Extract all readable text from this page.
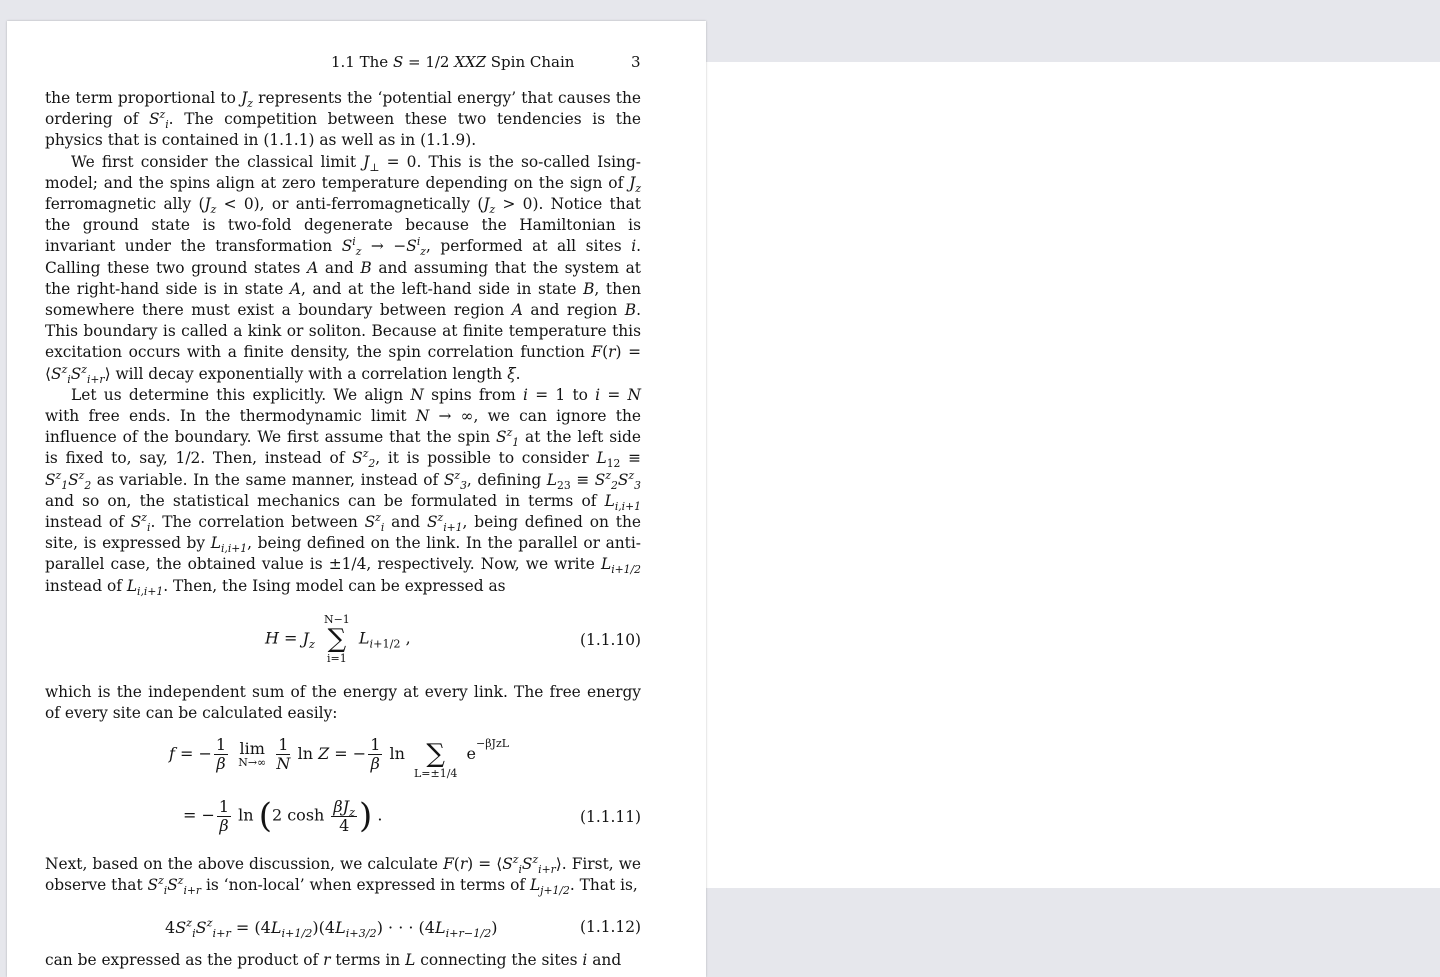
1.1 The S = 1/2 XXZ Spin Chain	3

the term proportional to $J_z$ represents the ‘potential energy’ that causes the ordering of $S^z_i$. The competition between these two tendencies is the physics that is contained in (1.1.1) as well as in (1.1.9).

We first consider the classical limit $J_\perp = 0$. This is the so-called Ising-model; and the spins align at zero temperature depending on the sign of $J_z$ ferromagnetic ally $(J_z < 0)$, or anti-ferromagnetically $(J_z > 0)$. Notice that the ground state is two-fold degenerate because the Hamiltonian is invariant under the transformation $S^i_z \to -S^i_z$, performed at all sites i. Calling these two ground states A and B and assuming that the system at the right-hand side is in state A, and at the left-hand side in state B, then somewhere there must exist a boundary between region A and region B. This boundary is called a kink or soliton. Because at finite temperature this excitation occurs with a finite density, the spin correlation function $F(r) = ⟨S^z_iS^z_{i+r}⟩$ will decay exponentially with a correlation length ξ.

Let us determine this explicitly. We align N spins from i = 1 to i = N with free ends. In the thermodynamic limit N → ∞, we can ignore the influence of the boundary. We first assume that the spin $S^z_1$ at the left side is fixed to, say, 1/2. Then, instead of $S^z_2$, it is possible to consider $L_{12} \equiv S^z_1S^z_2$ as variable. In the same manner, instead of $S^z_3$, defining $L_{23} \equiv S^z_2S^z_3$ and so on, the statistical mechanics can be formulated in terms of $L_{i,i+1}$ instead of $S^z_i$. The correlation between $S^z_i$ and $S^z_{i+1}$, being defined on the site, is expressed by $L_{i,i+1}$, being defined on the link. In the parallel or anti-parallel case, the obtained value is ±1/4, respectively. Now, we write $L_{i+1/2}$ instead of $L_{i,i+1}$. Then, the Ising model can be expressed as

$H = J_z$
N−1
∑
i=1
$L_{i+1/2}$ ,	(1.1.10)

which is the independent sum of the energy at every link. The free energy of every site can be calculated easily:

f = − $\frac{1}{\beta}$
lim
N→∞
$\frac{1}{N}$ ln Z = − $\frac{1}{\beta}$ ln ∑
L=±1/4
$e^{-\beta JzL}$
= − $\frac{1}{\beta}$ ln (2 $\cosh \frac{\beta J_z}{4}$ ) .	(1.1.11)

Next, based on the above discussion, we calculate $F(r) = ⟨S^z_iS^z_{i+r}⟩$. First, we observe that $S^z_iS^z_{i+r}$ is ‘non-local’ when expressed in terms of $L_{j+1/2}$. That is,

$4S^z_iS^z_{i+r} = (4L_{i+1/2})(4L_{i+3/2})$ · · · $(4L_{i+r-1/2})$	(1.1.12)

can be expressed as the product of r terms in L connecting the sites i and
